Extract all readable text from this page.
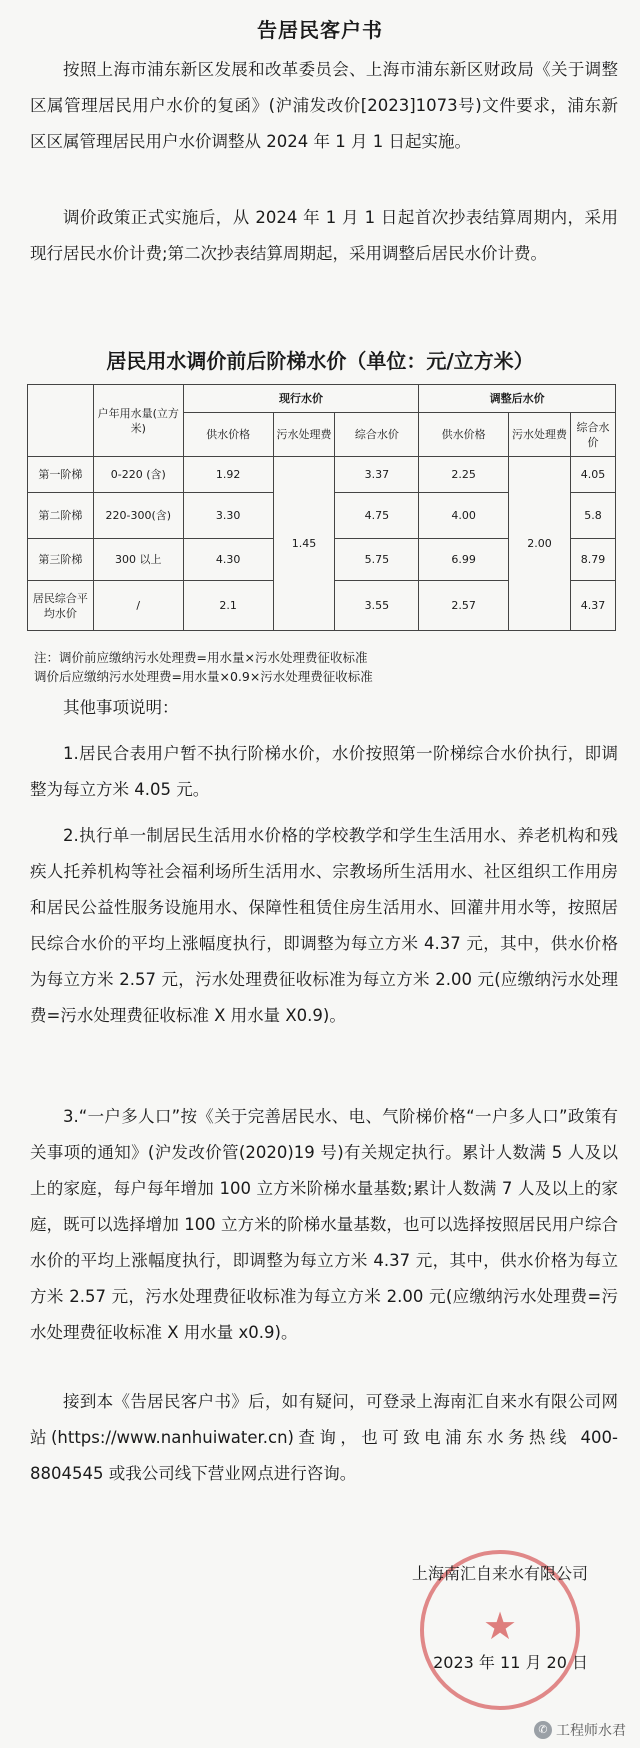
告居民客户书

按照上海市浦东新区发展和改革委员会、上海市浦东新区财政局《关于调整区属管理居民用户水价的复函》(沪浦发改价[2023]1073号)文件要求，浦东新区区属管理居民用户水价调整从 2024 年 1 月 1 日起实施。

调价政策正式实施后，从 2024 年 1 月 1 日起首次抄表结算周期内，采用现行居民水价计费;第二次抄表结算周期起，采用调整后居民水价计费。

居民用水调价前后阶梯水价（单位：元/立方米）
	户年用水量(立方米)	现行水价			调整后水价		
		供水价格	污水处理费	综合水价	供水价格	污水处理费	综合水价
第一阶梯	0-220 (含)	1.92	1.45	3.37	2.25	2.00	4.05
第二阶梯	220-300(含)	3.30		4.75	4.00		5.8
第三阶梯	300 以上	4.30		5.75	6.99		8.79
居民综合平均水价	/	2.1		3.55	2.57		4.37

注：调价前应缴纳污水处理费=用水量×污水处理费征收标准

调价后应缴纳污水处理费=用水量×0.9×污水处理费征收标准

其他事项说明：

1.居民合表用户暂不执行阶梯水价，水价按照第一阶梯综合水价执行，即调整为每立方米 4.05 元。

2.执行单一制居民生活用水价格的学校教学和学生生活用水、养老机构和残疾人托养机构等社会福利场所生活用水、宗教场所生活用水、社区组织工作用房和居民公益性服务设施用水、保障性租赁住房生活用水、回灌井用水等，按照居民综合水价的平均上涨幅度执行，即调整为每立方米 4.37 元，其中，供水价格为每立方米 2.57 元，污水处理费征收标准为每立方米 2.00 元(应缴纳污水处理费=污水处理费征收标准 X 用水量 X0.9)。

3.“一户多人口”按《关于完善居民水、电、气阶梯价格“一户多人口”政策有关事项的通知》(沪发改价管(2020)19 号)有关规定执行。累计人数满 5 人及以上的家庭，每户每年增加 100 立方米阶梯水量基数;累计人数满 7 人及以上的家庭，既可以选择增加 100 立方米的阶梯水量基数，也可以选择按照居民用户综合水价的平均上涨幅度执行，即调整为每立方米 4.37 元，其中，供水价格为每立方米 2.57 元，污水处理费征收标准为每立方米 2.00 元(应缴纳污水处理费=污水处理费征收标准 X 用水量 x0.9)。

接到本《告居民客户书》后，如有疑问，可登录上海南汇自来水有限公司网站(https://www.nanhuiwater.cn)查询，也可致电浦东水务热线 400-8804545 或我公司线下营业网点进行咨询。

★

上海南汇自来水有限公司

2023 年 11 月 20 日

✆ 工程师水君
